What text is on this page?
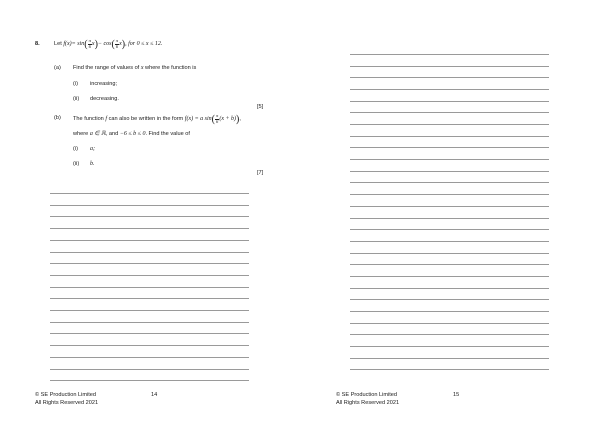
8.	Let
f(x) = sin ( $\frac{\pi}{6}$ x ) − cos ( $\frac{\pi}{6}$ x ) , for 0 ≤ x ≤ 12.
(a) Find the range of values of x where the function is
(i) increasing;
(ii) decreasing.
[5]
(b) The function
f
can also be written in the form
f(x) = a sin ( $\frac{\pi}{6} (x + b)$ ) ,
where a ∈ ℝ, and −6 ≤ b ≤ 0. Find the value of
(i) a;
(ii) b.
[7]
© SE Production Limited
All Rights Reserved 2021
14	© SE Production Limited
All Rights Reserved 2021
15
